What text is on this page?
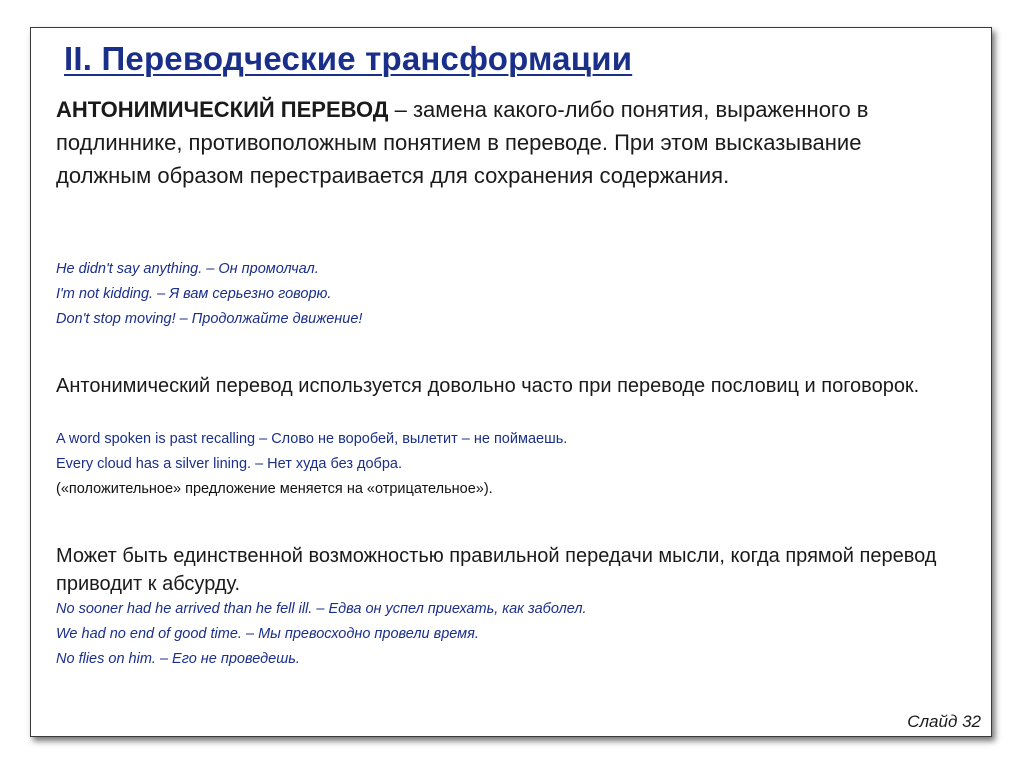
II. Переводческие трансформации

АНТОНИМИЧЕСКИЙ ПЕРЕВОД – замена какого-либо понятия, выраженного в подлиннике, противоположным понятием в переводе. При этом высказывание должным образом перестраивается для сохранения содержания.

He didn't say anything. – Он промолчал.
I'm not kidding. – Я вам серьезно говорю.
Don't stop moving! – Продолжайте движение!

Антонимический перевод используется довольно часто при переводе пословиц и поговорок.

A word spoken is past recalling – Слово не воробей, вылетит – не поймаешь.
Every cloud has a silver lining. – Нет худа без добра.
(«положительное» предложение меняется на «отрицательное»).

Может быть единственной возможностью правильной передачи мысли, когда прямой перевод приводит к абсурду.

No sooner had he arrived than he fell ill. – Едва он успел приехать, как заболел.
We had no end of good time. – Мы превосходно провели время.
No flies on him. – Его не проведешь.
Слайд 32
